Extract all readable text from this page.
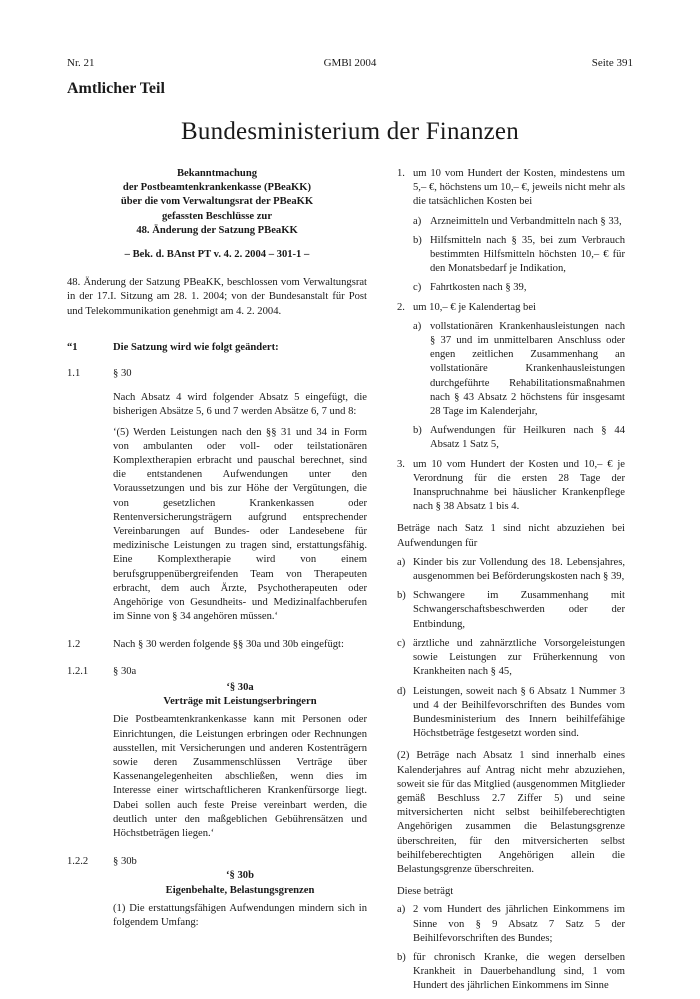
Nr. 21	GMBl 2004	Seite 391
Amtlicher Teil
Bundesministerium der Finanzen
Bekanntmachung
der Postbeamtenkrankenkasse (PBeaKK)
über die vom Verwaltungsrat der PBeaKK
gefassten Beschlüsse zur
48. Änderung der Satzung PBeaKK
– Bek. d. BAnst PT v. 4. 2. 2004 – 301-1 –

48. Änderung der Satzung PBeaKK, beschlossen vom Verwaltungsrat in der 17.I. Sitzung am 28. 1. 2004; von der Bundesanstalt für Post und Telekommunikation genehmigt am 4. 2. 2004.

“1	Die Satzung wird wie folgt geändert:
1.1	§ 30

Nach Absatz 4 wird folgender Absatz 5 eingefügt, die bisherigen Absätze 5, 6 und 7 werden Absätze 6, 7 und 8:

‘(5) Werden Leistungen nach den §§ 31 und 34 in Form von ambulanten oder voll- oder teilstationären Komplextherapien erbracht und pauschal berechnet, sind die entstandenen Aufwendungen unter den Voraussetzungen und bis zur Höhe der Vergütungen, die von gesetzlichen Krankenkassen oder Rentenversicherungsträgern aufgrund entsprechender Vereinbarungen auf Bundes- oder Landesebene für medizinische Leistungen zu tragen sind, erstattungsfähig. Eine Komplextherapie wird von einem berufsgruppenübergreifenden Team von Therapeuten erbracht, dem auch Ärzte, Psychotherapeuten oder Angehörige von Gesundheits- und Medizinalfachberufen im Sinne von § 34 angehören müssen.‘

1.2	Nach § 30 werden folgende §§ 30a und 30b eingefügt:
1.2.1	§ 30a
‘§ 30a
Verträge mit Leistungserbringern

Die Postbeamtenkrankenkasse kann mit Personen oder Einrichtungen, die Leistungen erbringen oder Rechnungen ausstellen, mit Versicherungen und anderen Kostenträgern sowie deren Zusammenschlüssen Verträge über Kassenangelegenheiten abschließen, wenn dies im Interesse einer wirtschaftlicheren Krankenfürsorge liegt. Dabei sollen auch feste Preise vereinbart werden, die deutlich unter den maßgeblichen Gebührensätzen und Höchstbeträgen liegen.‘

1.2.2	§ 30b
‘§ 30b
Eigenbehalte, Belastungsgrenzen

(1) Die erstattungsfähigen Aufwendungen mindern sich in folgendem Umfang:

1. um 10 vom Hundert der Kosten, mindestens um 5,– €, höchstens um 10,– €, jeweils nicht mehr als die tatsächlichen Kosten bei
a) Arzneimitteln und Verbandmitteln nach § 33,
b) Hilfsmitteln nach § 35, bei zum Verbrauch bestimmten Hilfsmitteln höchsten 10,– € für den Monatsbedarf je Indikation,
c) Fahrtkosten nach § 39,
2. um 10,– € je Kalendertag bei
a) vollstationären Krankenhausleistungen nach § 37 und im unmittelbaren Anschluss oder engen zeitlichen Zusammenhang an vollstationäre Krankenhausleistungen durchgeführte Rehabilitationsmaßnahmen nach § 43 Absatz 2 höchstens für insgesamt 28 Tage im Kalenderjahr,
b) Aufwendungen für Heilkuren nach § 44 Absatz 1 Satz 5,
3. um 10 vom Hundert der Kosten und 10,– € je Verordnung für die ersten 28 Tage der Inanspruchnahme bei häuslicher Krankenpflege nach § 38 Absatz 1 bis 4.

Beträge nach Satz 1 sind nicht abzuziehen bei Aufwendungen für

a) Kinder bis zur Vollendung des 18. Lebensjahres, ausgenommen bei Beförderungskosten nach § 39,
b) Schwangere im Zusammenhang mit Schwangerschaftsbeschwerden oder der Entbindung,
c) ärztliche und zahnärztliche Vorsorgeleistungen sowie Leistungen zur Früherkennung von Krankheiten nach § 45,
d) Leistungen, soweit nach § 6 Absatz 1 Nummer 3 und 4 der Beihilfevorschriften des Bundes vom Bundesministerium des Innern beihilfefähige Höchstbeträge festgesetzt worden sind.

(2) Beträge nach Absatz 1 sind innerhalb eines Kalenderjahres auf Antrag nicht mehr abzuziehen, soweit sie für das Mitglied (ausgenommen Mitglieder gemäß Beschluss 2.7 Ziffer 5) und seine mitversicherten nicht selbst beihilfeberechtigten Angehörigen zusammen die Belastungsgrenze überschreiten, für den mitversicherten selbst beihilfeberechtigten Angehörigen allein die Belastungsgrenze überschreiten.

Diese beträgt

a) 2 vom Hundert des jährlichen Einkommens im Sinne von § 9 Absatz 7 Satz 5 der Beihilfevorschriften des Bundes;
b) für chronisch Kranke, die wegen derselben Krankheit in Dauerbehandlung sind, 1 vom Hundert des jährlichen Einkommens im Sinne
